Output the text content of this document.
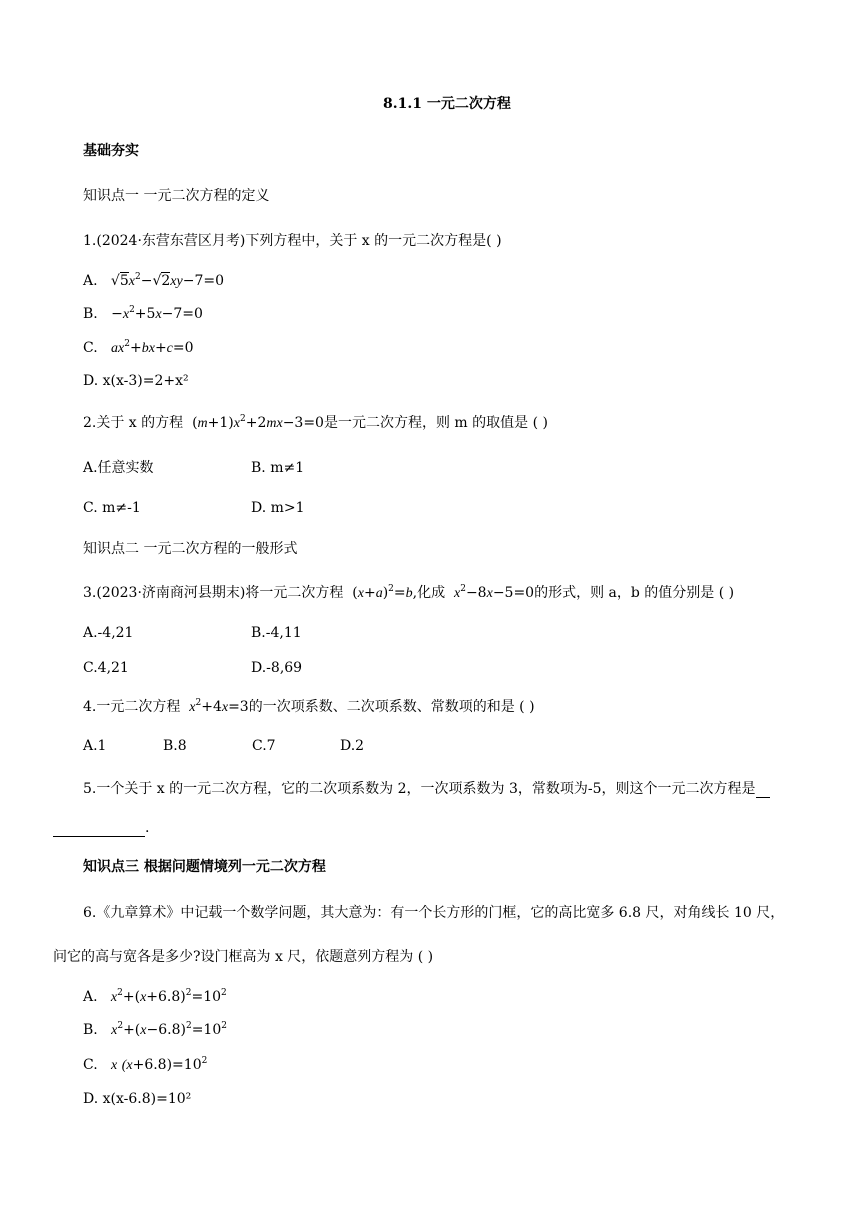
8.1.1 一元二次方程
基础夯实
知识点一 一元二次方程的定义
1.(2024·东营东营区月考)下列方程中，关于 x 的一元二次方程是( )
A. $√5x^2-√2xy-7=0$
B.   $-x^2+5x-7=0$
C. $ax^2+bx+c=0$
D. x(x-3)=2+x²
2.关于 x 的方程 $(m+1)x^2+2mx-3=0$是一元二次方程，则 m 的取值是 ( )
A.任意实数	B. m≠1
C. m≠-1	D. m>1
知识点二 一元二次方程的一般形式
3.(2023·济南商河县期末)将一元二次方程 $(x+a)^2=b$,化成 $x^2-8x-5=0$的形式，则 a，b 的值分别是 ( )
A.-4,21	B.-4,11
C.4,21	D.-8,69
4.一元二次方程 $x^2+4x=3$的一次项系数、二次项系数、常数项的和是 ( )
A.1	B.8	C.7	D.2
5.一个关于 x 的一元二次方程，它的二次项系数为 2，一次项系数为 3，常数项为-5，则这个一元二次方程是
.
知识点三 根据问题情境列一元二次方程
6.《九章算术》中记载一个数学问题，其大意为：有一个长方形的门框，它的高比宽多 6.8 尺，对角线长 10 尺，
问它的高与宽各是多少?设门框高为 x 尺，依题意列方程为 ( )
A. $x^2+(x+6.8)^2=10^2$
B. $x^2+(x-6.8)^2=10^2$
C. x $(x+6.8)=10^2$
D. x(x-6.8)=10²
